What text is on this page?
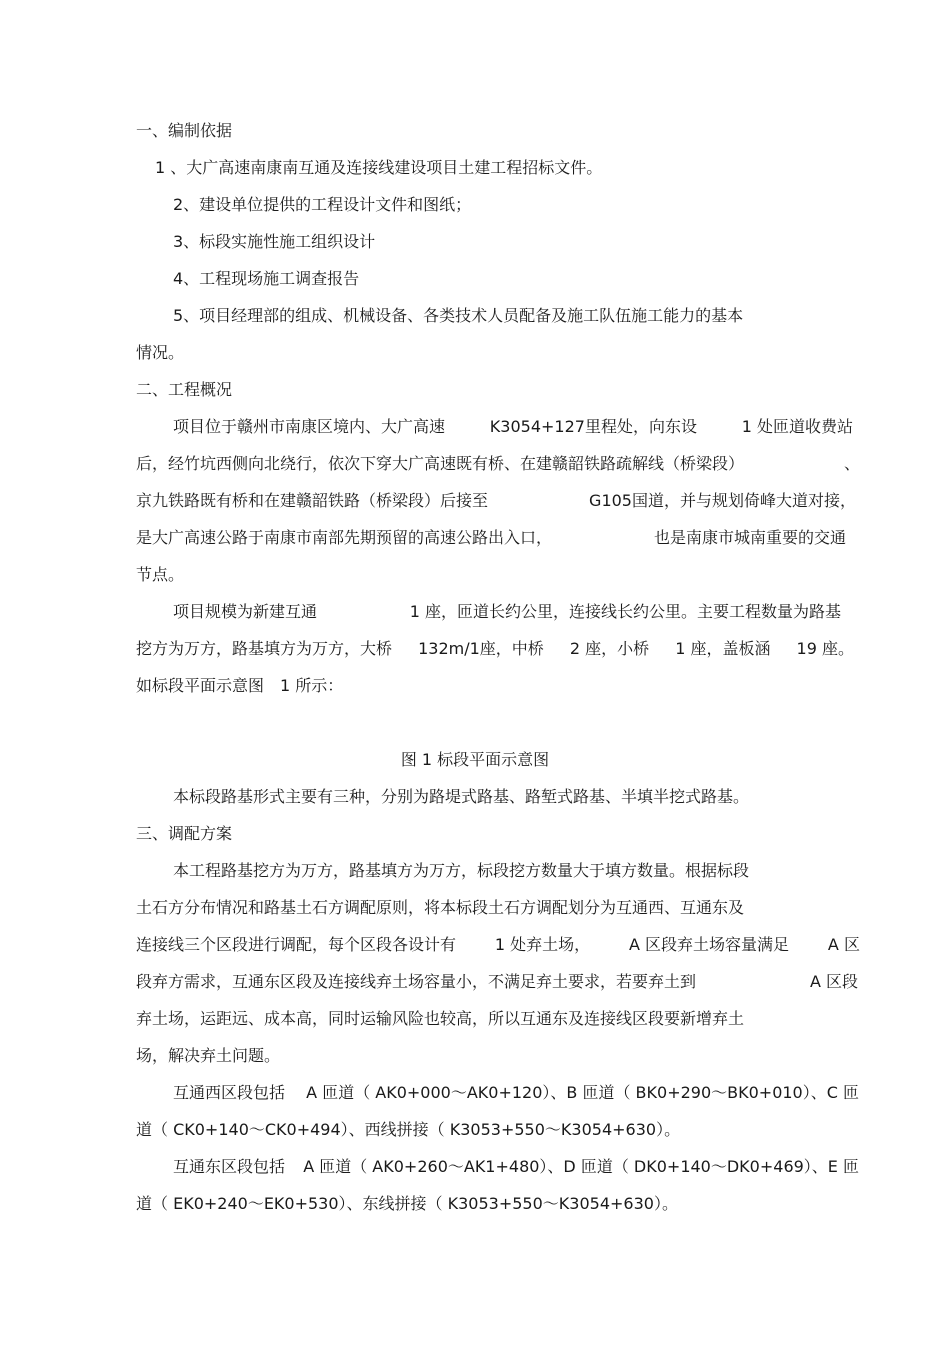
一、编制依据
1 、大广高速南康南互通及连接线建设项目土建工程招标文件。
2、建设单位提供的工程设计文件和图纸；
3、标段实施性施工组织设计
4、工程现场施工调查报告
5、项目经理部的组成、机械设备、各类技术人员配备及施工队伍施工能力的基本
情况。
二、工程概况
项目位于赣州市南康区境内、大广高速	K3054+127里程处，向东设	1 处匝道收费站
后，经竹坑西侧向北绕行，依次下穿大广高速既有桥、在建赣韶铁路疏解线（桥梁段）	、
京九铁路既有桥和在建赣韶铁路（桥梁段）后接至	G105国道，并与规划倚峰大道对接，
是大广高速公路于南康市南部先期预留的高速公路出入口，	也是南康市城南重要的交通
节点。
项目规模为新建互通	1 座，匝道长约公里，连接线长约公里。主要工程数量为路基
挖方为万方，路基填方为万方，大桥 132m/1座，中桥 2 座，小桥 1 座，盖板涵 19 座。
如标段平面示意图 1 所示：
图 1 标段平面示意图
本标段路基形式主要有三种，分别为路堤式路基、路堑式路基、半填半挖式路基。
三、调配方案
本工程路基挖方为万方，路基填方为万方，标段挖方数量大于填方数量。根据标段
土石方分布情况和路基土石方调配原则，将本标段土石方调配划分为互通西、互通东及
连接线三个区段进行调配，每个区段各设计有 1 处弃土场， A 区段弃土场容量满足 A 区
段弃方需求，互通东区段及连接线弃土场容量小，不满足弃土要求，若要弃土到	A 区段
弃土场，运距远、成本高，同时运输风险也较高，所以互通东及连接线区段要新增弃土
场，解决弃土问题。
互通西区段包括 A 匝道（ AK0+000～AK0+120）、B 匝道（ BK0+290～BK0+010）、C 匝
道（ CK0+140～CK0+494）、西线拼接（ K3053+550～K3054+630）。
互通东区段包括 A 匝道（ AK0+260～AK1+480）、D 匝道（ DK0+140～DK0+469）、E 匝
道（ EK0+240～EK0+530）、东线拼接（ K3053+550～K3054+630）。
